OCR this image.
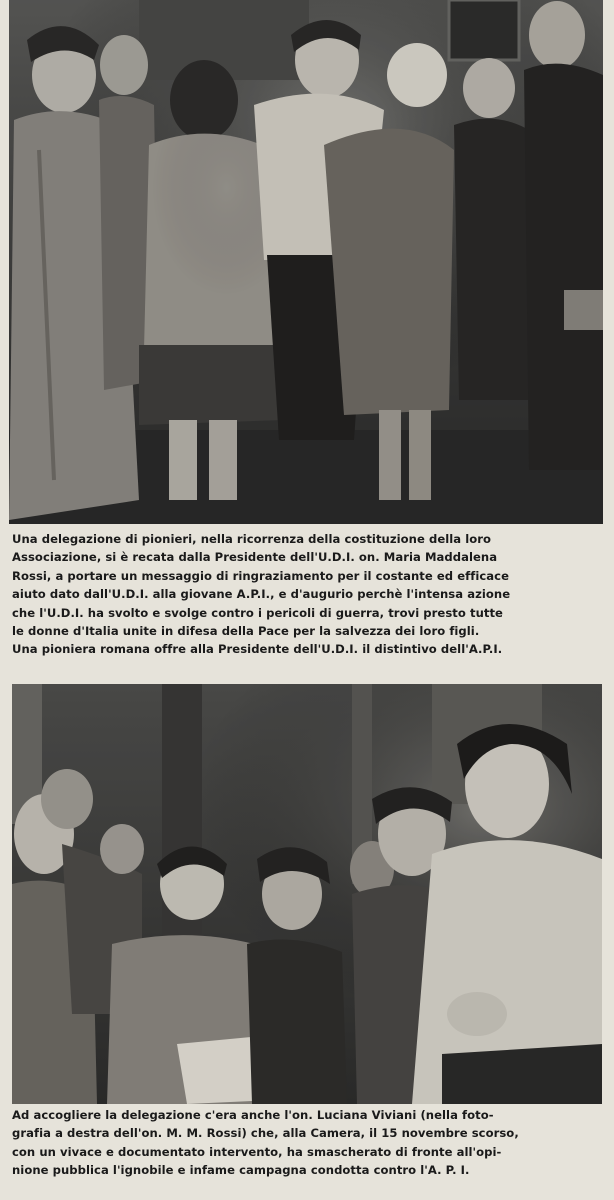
Una delegazione di pionieri, nella ricorrenza della costituzione della loro
Associazione, si è recata dalla Presidente dell'U.D.I. on. Maria Maddalena
Rossi, a portare un messaggio di ringraziamento per il costante ed efficace
aiuto dato dall'U.D.I. alla giovane A.P.I., e d'augurio perchè l'intensa azione
che l'U.D.I. ha svolto e svolge contro i pericoli di guerra, trovi presto tutte
le donne d'Italia unite in difesa della Pace per la salvezza dei loro figli.
Una pioniera romana offre alla Presidente dell'U.D.I. il distintivo dell'A.P.I.

Ad accogliere la delegazione c'era anche l'on. Luciana Viviani (nella foto-
grafia a destra dell'on. M. M. Rossi) che, alla Camera, il 15 novembre scorso,
con un vivace e documentato intervento, ha smascherato di fronte all'opi-
nione pubblica l'ignobile e infame campagna condotta contro l'A. P. I.
